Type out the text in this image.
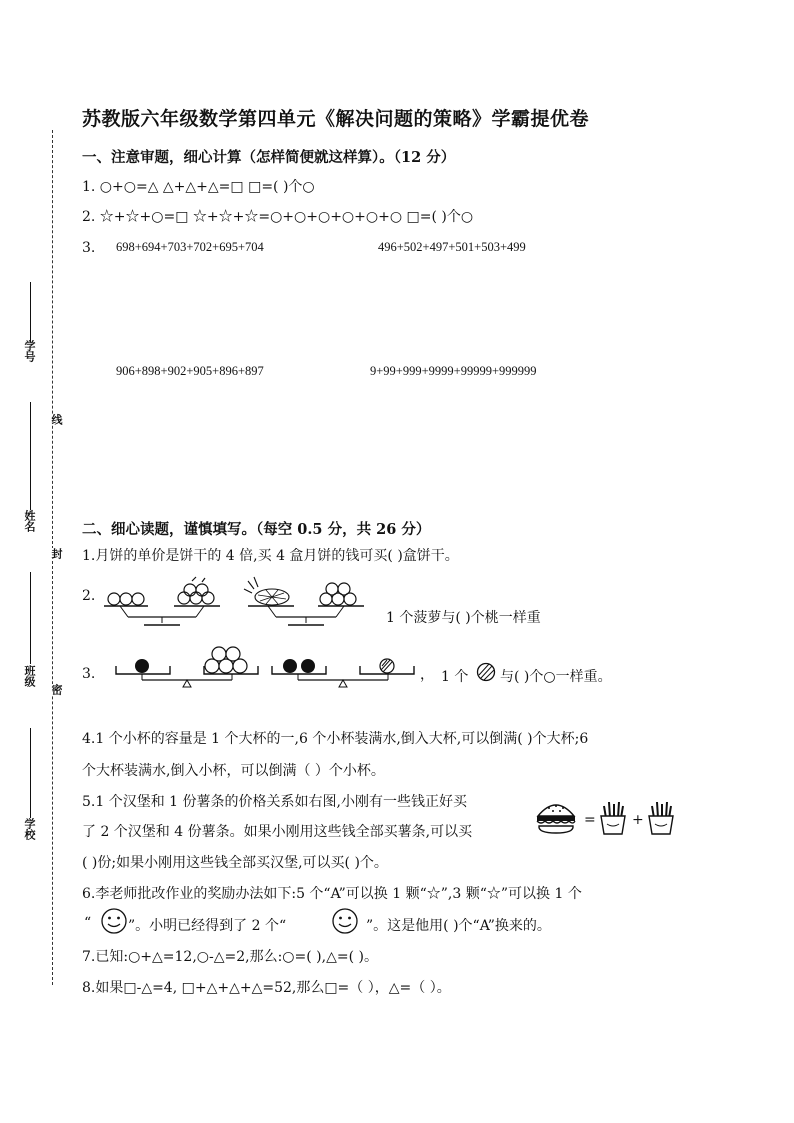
学号
姓名
班级
学校
线
封
密
苏教版六年级数学第四单元《解决问题的策略》学霸提优卷
一、注意审题，细心计算（怎样简便就这样算）。（12 分）
1. ○+○=△ △+△+△=□ □=( )个○
2. ☆+☆+○=□ ☆+☆+☆=○+○+○+○+○+○ □=( )个○
3. 698+694+703+702+695+704	496+502+497+501+503+499
906+898+902+905+896+897	9+99+999+9999+99999+999999
二、细心读题，谨慎填写。（每空 0.5 分，共 26 分）
1.月饼的单价是饼干的 4 倍,买 4 盒月饼的钱可买( )盒饼干。
2.
1 个菠萝与( )个桃一样重
3.	， 1 个 与( )个○一样重。
4.1 个小杯的容量是 1 个大杯的一,6 个小杯装满水,倒入大杯,可以倒满( )个大杯;6
个大杯装满水,倒入小杯，可以倒满（ ）个小杯。
5.1 个汉堡和 1 份薯条的价格关系如右图,小刚有一些钱正好买
了 2 个汉堡和 4 份薯条。如果小刚用这些钱全部买薯条,可以买
( )份;如果小刚用这些钱全部买汉堡,可以买( )个。
=	+
6.李老师批改作业的奖励办法如下:5 个“A”可以换 1 颗“☆”,3 颗“☆”可以换 1 个
“	”。小明已经得到了 2 个“	”。这是他用( )个“A”换来的。
7.已知:○+△=12,○-△=2,那么:○=( ),△=( )。
8.如果□-△=4, □+△+△+△=52,那么□=（ ），△=（ ）。
